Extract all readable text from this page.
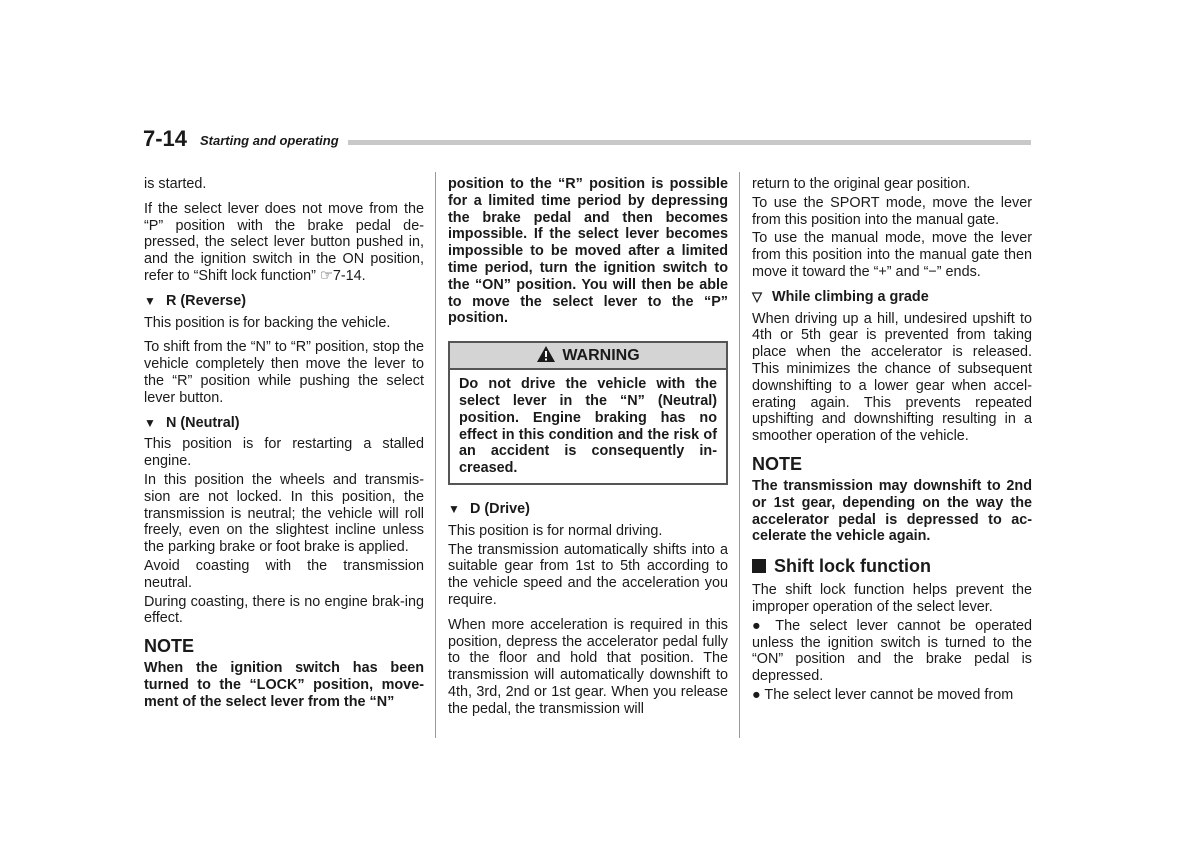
7-14 Starting and operating

is started.

If the select lever does not move from the “P” position with the brake pedal de-pressed, the select lever button pushed in, and the ignition switch in the ON position, refer to “Shift lock function” ☞7-14.

▼ R (Reverse)

This position is for backing the vehicle.

To shift from the “N” to “R” position, stop the vehicle completely then move the lever to the “R” position while pushing the select lever button.

▼ N (Neutral)

This position is for restarting a stalled engine.

In this position the wheels and transmis-sion are not locked. In this position, the transmission is neutral; the vehicle will roll freely, even on the slightest incline unless the parking brake or foot brake is applied.

Avoid coasting with the transmission neutral.

During coasting, there is no engine brak-ing effect.

NOTE

When the ignition switch has been turned to the “LOCK” position, move-ment of the select lever from the “N”

position to the “R” position is possible for a limited time period by depressing the brake pedal and then becomes impossible. If the select lever becomes impossible to be moved after a limited time period, turn the ignition switch to the “ON” position. You will then be able to move the select lever to the “P” position.

WARNING
Do not drive the vehicle with the select lever in the “N” (Neutral) position. Engine braking has no effect in this condition and the risk of an accident is consequently in-creased.
▼ D (Drive)

This position is for normal driving.

The transmission automatically shifts into a suitable gear from 1st to 5th according to the vehicle speed and the acceleration you require.

When more acceleration is required in this position, depress the accelerator pedal fully to the floor and hold that position. The transmission will automatically downshift to 4th, 3rd, 2nd or 1st gear. When you release the pedal, the transmission will

return to the original gear position.

To use the SPORT mode, move the lever from this position into the manual gate.

To use the manual mode, move the lever from this position into the manual gate then move it toward the “+” and “−” ends.

▽ While climbing a grade

When driving up a hill, undesired upshift to 4th or 5th gear is prevented from taking place when the accelerator is released. This minimizes the chance of subsequent downshifting to a lower gear when accel-erating again. This prevents repeated upshifting and downshifting resulting in a smoother operation of the vehicle.

NOTE

The transmission may downshift to 2nd or 1st gear, depending on the way the accelerator pedal is depressed to ac-celerate the vehicle again.

Shift lock function

The shift lock function helps prevent the improper operation of the select lever.

● The select lever cannot be operated unless the ignition switch is turned to the “ON” position and the brake pedal is depressed.

● The select lever cannot be moved from
